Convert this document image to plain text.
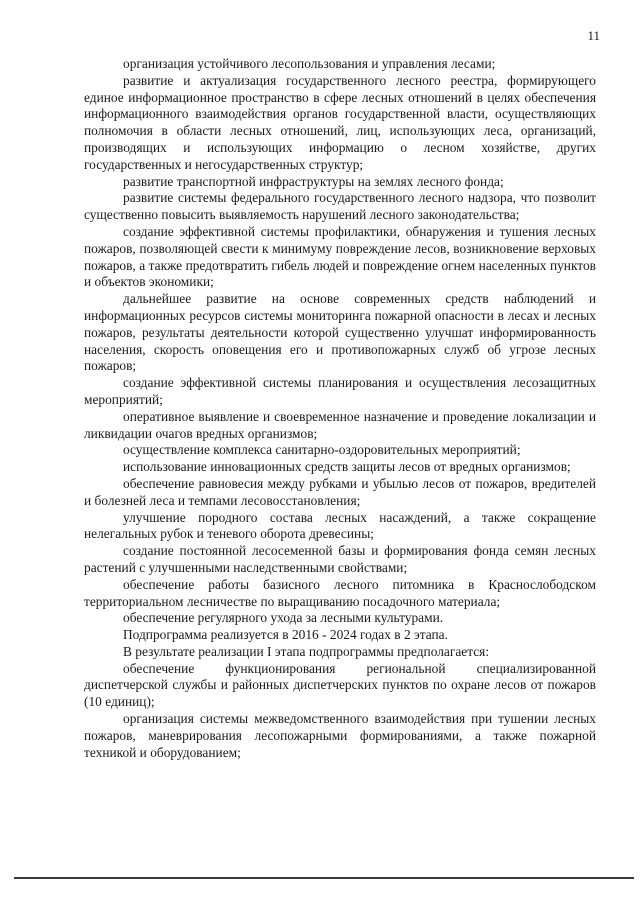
11

организация устойчивого лесопользования и управления лесами;

развитие и актуализация государственного лесного реестра, формирующего единое информационное пространство в сфере лесных отношений в целях обеспечения информационного взаимодействия органов государственной власти, осуществляющих полномочия в области лесных отношений, лиц, использующих леса, организаций, производящих и использующих информацию о лесном хозяйстве, других государственных и негосударственных структур;

развитие транспортной инфраструктуры на землях лесного фонда;

развитие системы федерального государственного лесного надзора, что позволит существенно повысить выявляемость нарушений лесного законодательства;

создание эффективной системы профилактики, обнаружения и тушения лесных пожаров, позволяющей свести к минимуму повреждение лесов, возникновение верховых пожаров, а также предотвратить гибель людей и повреждение огнем населенных пунктов и объектов экономики;

дальнейшее развитие на основе современных средств наблюдений и информационных ресурсов системы мониторинга пожарной опасности в лесах и лесных пожаров, результаты деятельности которой существенно улучшат информированность населения, скорость оповещения его и противопожарных служб об угрозе лесных пожаров;

создание эффективной системы планирования и осуществления лесозащитных мероприятий;

оперативное выявление и своевременное назначение и проведение локализации и ликвидации очагов вредных организмов;

осуществление комплекса санитарно-оздоровительных мероприятий;

использование инновационных средств защиты лесов от вредных организмов;

обеспечение равновесия между рубками и убылью лесов от пожаров, вредителей и болезней леса и темпами лесовосстановления;

улучшение породного состава лесных насаждений, а также сокращение нелегальных рубок и теневого оборота древесины;

создание постоянной лесосеменной базы и формирования фонда семян лесных растений с улучшенными наследственными свойствами;

обеспечение работы базисного лесного питомника в Краснослободском территориальном лесничестве по выращиванию посадочного материала;

обеспечение регулярного ухода за лесными культурами.

Подпрограмма реализуется в 2016 - 2024 годах в 2 этапа.

В результате реализации I этапа подпрограммы предполагается:

обеспечение функционирования региональной специализированной диспетчерской службы и районных диспетчерских пунктов по охране лесов от пожаров (10 единиц);

организация системы межведомственного взаимодействия при тушении лесных пожаров, маневрирования лесопожарными формированиями, а также пожарной техникой и оборудованием;
